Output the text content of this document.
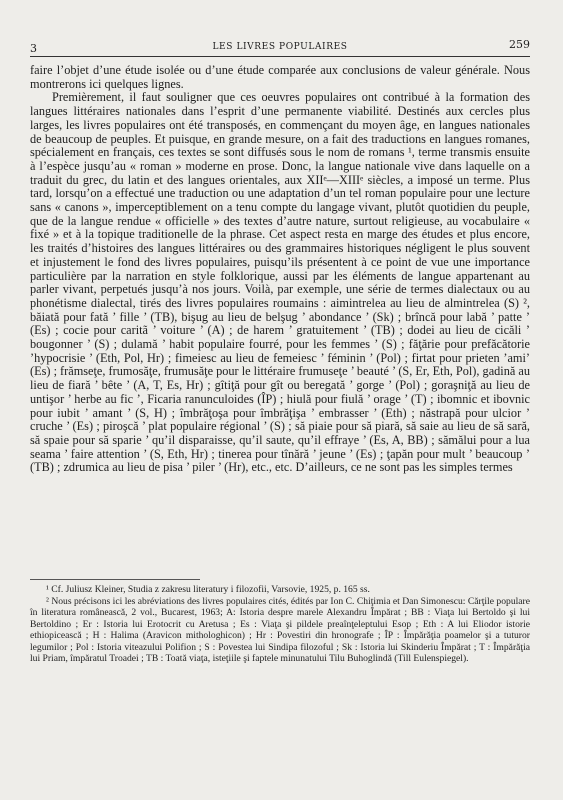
3	LES LIVRES POPULAIRES	259

faire l’objet d’une étude isolée ou d’une étude comparée aux conclusions de valeur générale. Nous montrerons ici quelques lignes.

Premièrement, il faut souligner que ces oeuvres populaires ont contribué à la formation des langues littéraires nationales dans l’esprit d’une permanente viabilité. Destinés aux cercles plus larges, les livres populaires ont été transposés, en commençant du moyen âge, en langues nationales de beaucoup de peuples. Et puisque, en grande mesure, on a fait des traductions en langues romanes, spécialement en français, ces textes se sont diffusés sous le nom de romans ¹, terme transmis ensuite à l’espèce jusqu’au « roman » moderne en prose. Donc, la langue nationale vive dans laquelle on a traduit du grec, du latin et des langues orientales, aux XIIᵉ—XIIIᵉ siècles, a imposé un terme. Plus tard, lorsqu’on a effectué une traduction ou une adaptation d’un tel roman populaire pour une lecture sans « canons », imperceptiblement on a tenu compte du langage vivant, plutôt quotidien du peuple, que de la langue rendue « officielle » des textes d’autre nature, surtout religieuse, au vocabulaire « fixé » et à la topique traditionelle de la phrase. Cet aspect resta en marge des études et plus encore, les traités d’histoires des langues littéraires ou des grammaires historiques négligent le plus souvent et injustement le fond des livres populaires, puisqu’ils présentent à ce point de vue une importance particulière par la narration en style folklorique, aussi par les éléments de langue appartenant au parler vivant, perpetués jusqu’à nos jours. Voilà, par exemple, une série de termes dialectaux ou au phonétisme dialectal, tirés des livres populaires roumains : aimintrelea au lieu de almintrelea (S) ², băiată pour fată ’ fille ’ (TB), bişug au lieu de belşug ’ abondance ’ (Sk) ; brîncă pour labă ’ patte ’ (Es) ; cocie pour caritã ’ voiture ’ (A) ; de harem ’ gratuitement ’ (TB) ; dodei au lieu de cicăli ’ bougonner ’ (S) ; dulamă ’ habit populaire fourré, pour les femmes ’ (S) ; făţărie pour prefăcătorie ’hypocrisie ’ (Eth, Pol, Hr) ; fimeiesc au lieu de femeiesc ’ féminin ’ (Pol) ; firtat pour prieten ’ami’ (Es) ; frămseţe, frumosăţe, frumusăţe pour le littéraire frumuseţe ’ beauté ’ (S, Er, Eth, Pol), gadină au lieu de fiară ’ bête ’ (A, T, Es, Hr) ; gîtiţă pour gît ou beregată ’ gorge ’ (Pol) ; goraşniţă au lieu de untişor ’ herbe au fic ’, Ficaria ranunculoides (ÎP) ; hiulă pour fiulă ’ orage ’ (T) ; ibomnic et ibovnic pour iubit ’ amant ’ (S, H) ; îmbrăţoşa pour îmbrăţişa ’ embrasser ’ (Eth) ; năstrapă pour ulcior ’ cruche ’ (Es) ; piroşcă ’ plat populaire régional ’ (S) ; să piaie pour să piară, să saie au lieu de să sară, să spaie pour să sparie ’ qu’il disparaisse, qu’il saute, qu’il effraye ’ (Es, A, BB) ; sămălui pour a lua seama ’ faire attention ’ (S, Eth, Hr) ; tinerea pour tînără ’ jeune ’ (Es) ; ţapăn pour mult ’ beaucoup ’ (TB) ; zdrumica au lieu de pisa ’ piler ’ (Hr), etc., etc. D’ailleurs, ce ne sont pas les simples termes

¹ Cf. Juliusz Kleiner, Studia z zakresu literatury i filozofii, Varsovie, 1925, p. 165 ss.

² Nous précisons ici les abréviations des livres populaires cités, édités par Ion C. Chiţimia et Dan Simonescu: Cărţile populare în literatura românească, 2 vol., Bucarest, 1963; A: Istoria despre marele Alexandru Împărat ; BB : Viaţa lui Bertoldo şi lui Bertoldino ; Er : Istoria lui Erotocrit cu Aretusa ; Es : Viaţa şi pildele preaînţeleptului Esop ; Eth : A lui Eliodor istorie ethiopicească ; H : Halima (Aravicon mithologhicon) ; Hr : Povestiri din hronografe ; ÎP : Împărăţia poamelor şi a tuturor legumilor ; Pol : Istoria viteazului Polifion ; S : Povestea lui Sindipa filozoful ; Sk : Istoria lui Skinderiu Împărat ; T : Împărăţia lui Priam, împăratul Troadei ; TB : Toată viaţa, isteţiile şi faptele minunatului Tilu Buhoglindă (Till Eulenspiegel).
